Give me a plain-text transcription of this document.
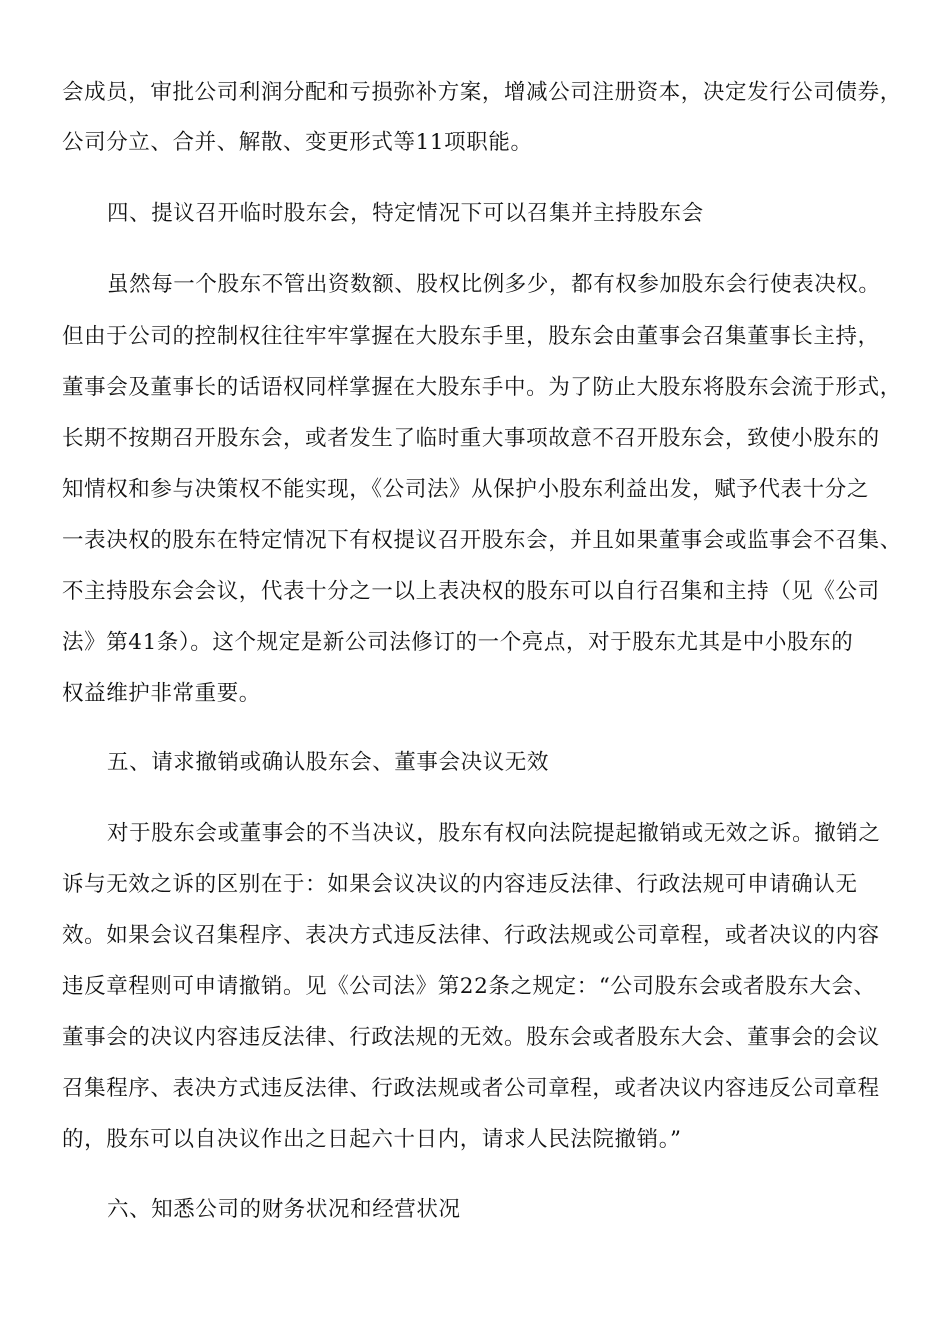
会成员，审批公司利润分配和亏损弥补方案，增减公司注册资本，决定发行公司债券，
公司分立、合并、解散、变更形式等11项职能。
四、提议召开临时股东会，特定情况下可以召集并主持股东会
虽然每一个股东不管出资数额、股权比例多少，都有权参加股东会行使表决权。
但由于公司的控制权往往牢牢掌握在大股东手里，股东会由董事会召集董事长主持，
董事会及董事长的话语权同样掌握在大股东手中。为了防止大股东将股东会流于形式，
长期不按期召开股东会，或者发生了临时重大事项故意不召开股东会，致使小股东的
知情权和参与决策权不能实现，《公司法》从保护小股东利益出发，赋予代表十分之
一表决权的股东在特定情况下有权提议召开股东会，并且如果董事会或监事会不召集、
不主持股东会会议，代表十分之一以上表决权的股东可以自行召集和主持（见《公司
法》第41条）。这个规定是新公司法修订的一个亮点，对于股东尤其是中小股东的
权益维护非常重要。
五、请求撤销或确认股东会、董事会决议无效
对于股东会或董事会的不当决议，股东有权向法院提起撤销或无效之诉。撤销之
诉与无效之诉的区别在于：如果会议决议的内容违反法律、行政法规可申请确认无
效。如果会议召集程序、表决方式违反法律、行政法规或公司章程，或者决议的内容
违反章程则可申请撤销。见《公司法》第22条之规定：“公司股东会或者股东大会、
董事会的决议内容违反法律、行政法规的无效。股东会或者股东大会、董事会的会议
召集程序、表决方式违反法律、行政法规或者公司章程，或者决议内容违反公司章程
的，股东可以自决议作出之日起六十日内，请求人民法院撤销。”
六、知悉公司的财务状况和经营状况
